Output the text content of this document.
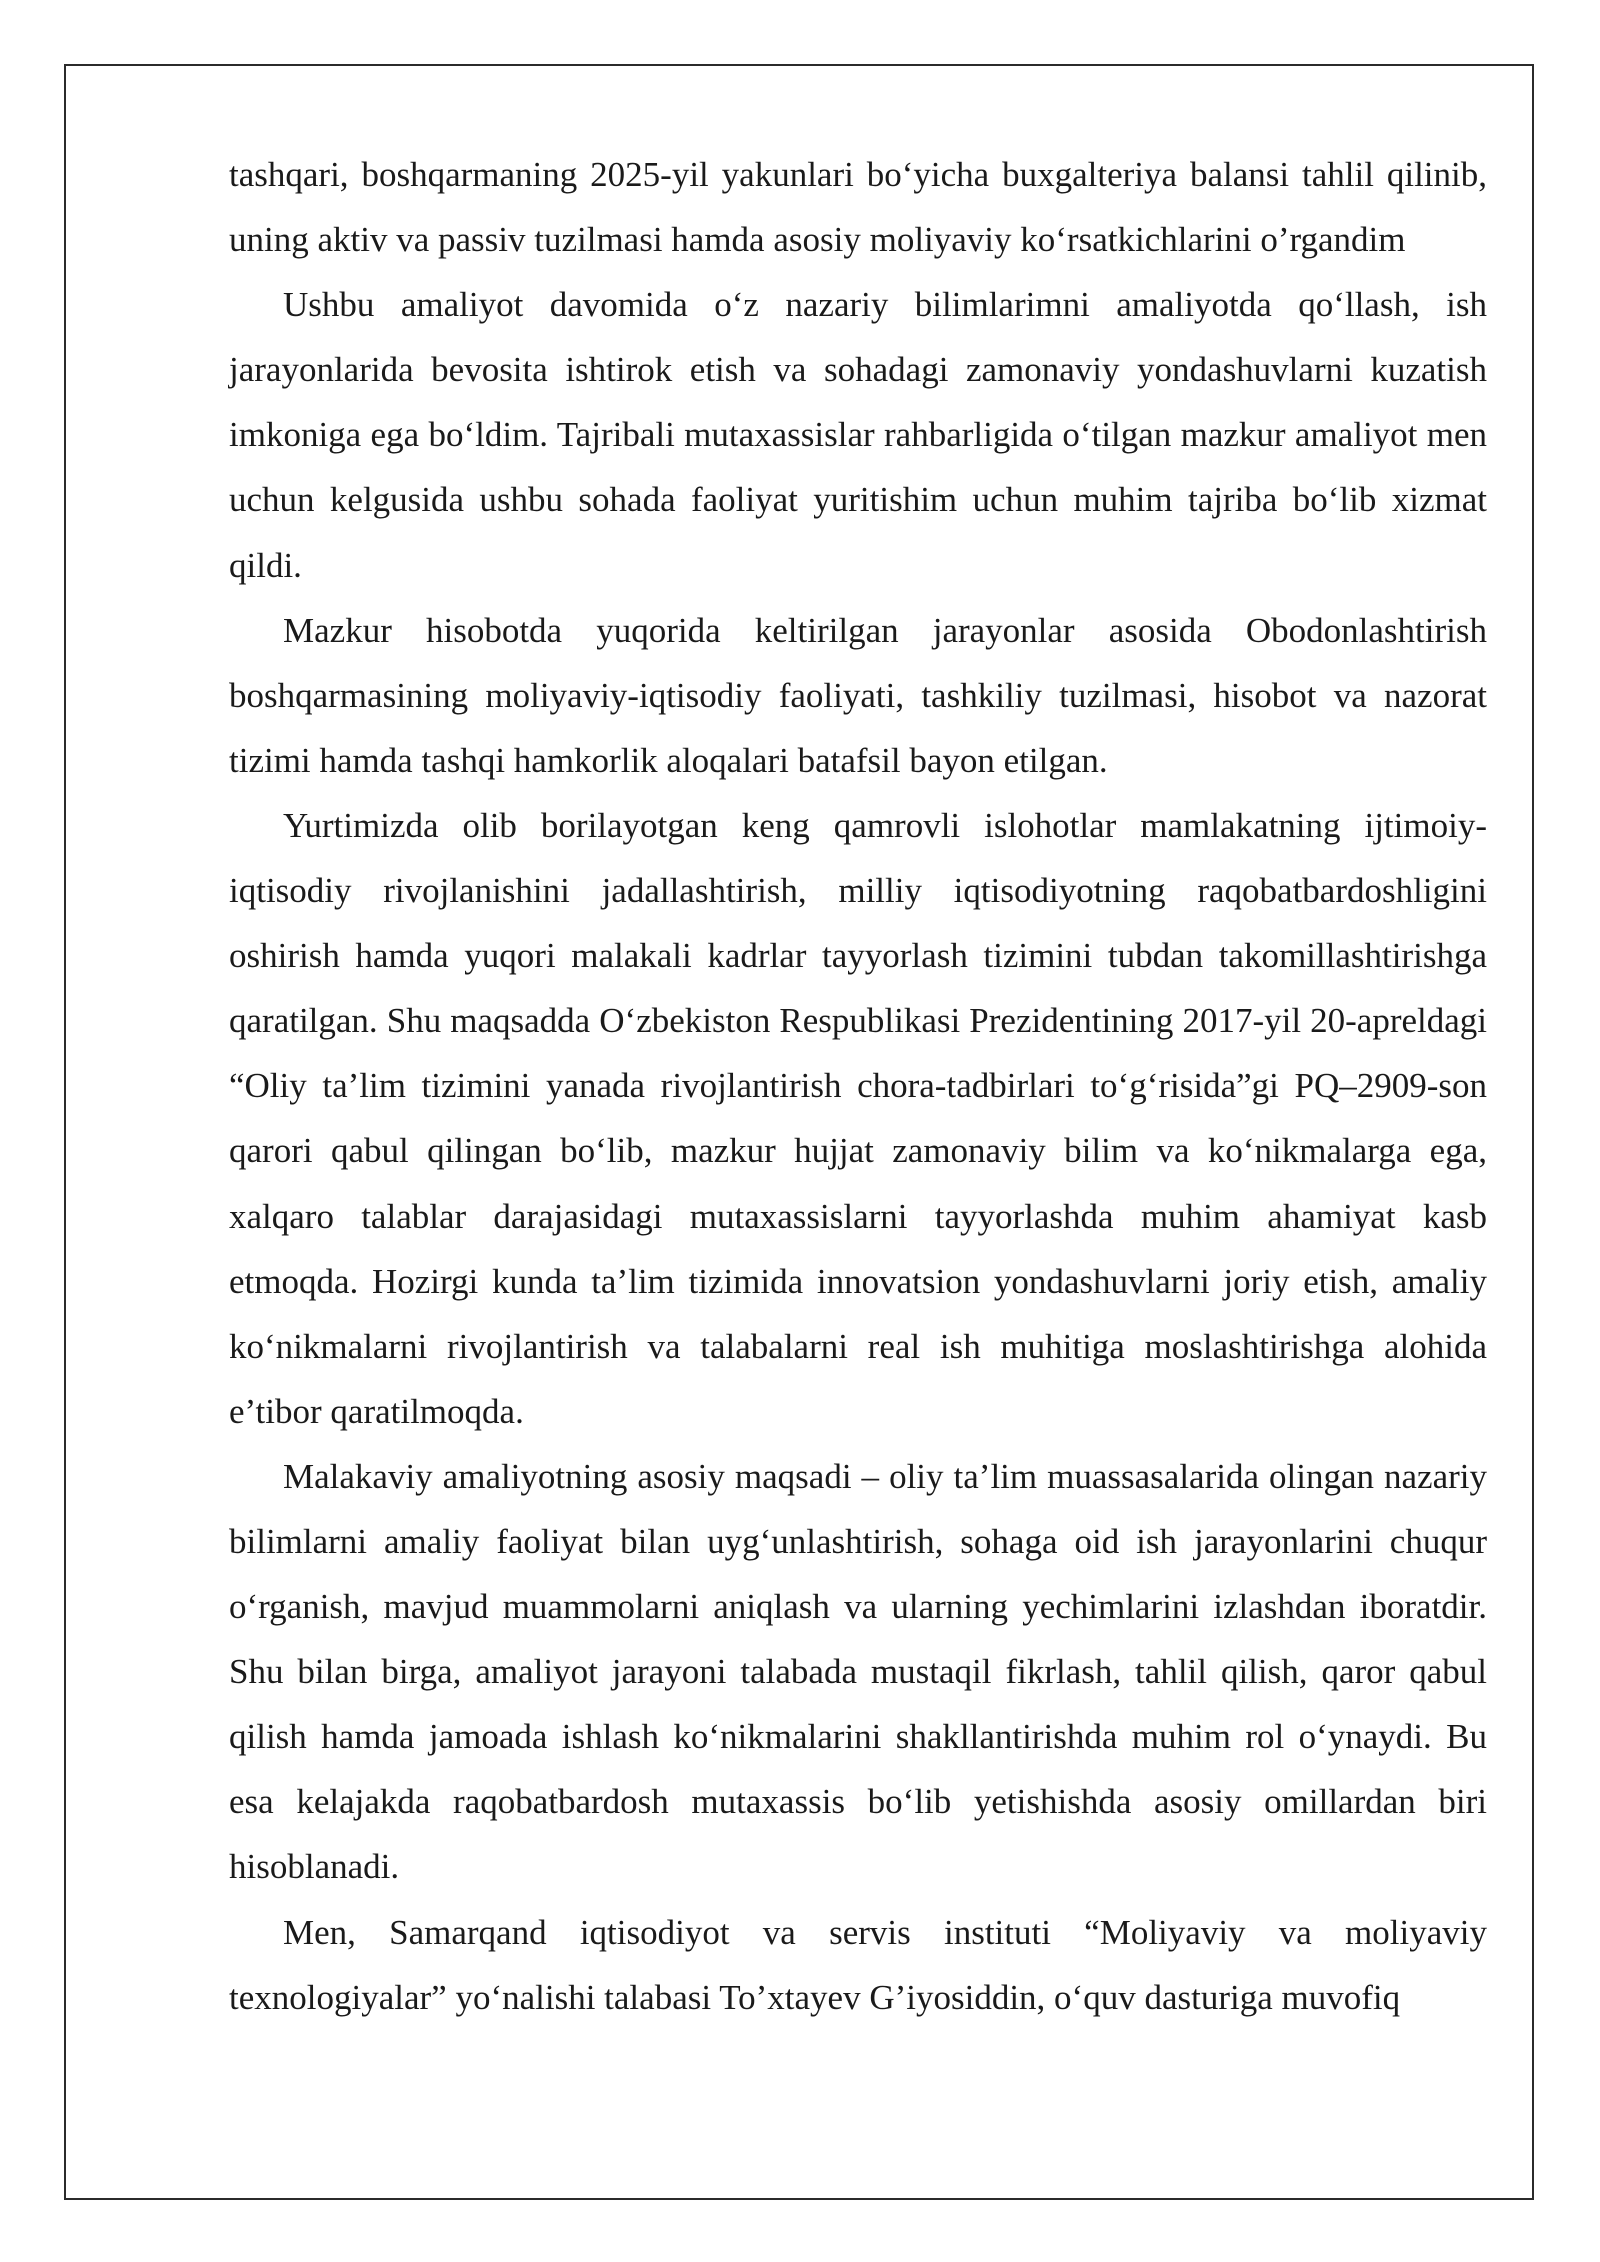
tashqari, boshqarmaning 2025-yil yakunlari bo‘yicha buxgalteriya balansi tahlil qilinib, uning aktiv va passiv tuzilmasi hamda asosiy moliyaviy ko‘rsatkichlarini o’rgandim

Ushbu amaliyot davomida o‘z nazariy bilimlarimni amaliyotda qo‘llash, ish jarayonlarida bevosita ishtirok etish va sohadagi zamonaviy yondashuvlarni kuzatish imkoniga ega bo‘ldim. Tajribali mutaxassislar rahbarligida o‘tilgan mazkur amaliyot men uchun kelgusida ushbu sohada faoliyat yuritishim uchun muhim tajriba bo‘lib xizmat qildi.

Mazkur hisobotda yuqorida keltirilgan jarayonlar asosida Obodonlashtirish boshqarmasining moliyaviy-iqtisodiy faoliyati, tashkiliy tuzilmasi, hisobot va nazorat tizimi hamda tashqi hamkorlik aloqalari batafsil bayon etilgan.

Yurtimizda olib borilayotgan keng qamrovli islohotlar mamlakatning ijtimoiy-iqtisodiy rivojlanishini jadallashtirish, milliy iqtisodiyotning raqobatbardoshligini oshirish hamda yuqori malakali kadrlar tayyorlash tizimini tubdan takomillashtirishga qaratilgan. Shu maqsadda O‘zbekiston Respublikasi Prezidentining 2017-yil 20-apreldagi “Oliy ta’lim tizimini yanada rivojlantirish chora-tadbirlari to‘g‘risida”gi PQ–2909-son qarori qabul qilingan bo‘lib, mazkur hujjat zamonaviy bilim va ko‘nikmalarga ega, xalqaro talablar darajasidagi mutaxassislarni tayyorlashda muhim ahamiyat kasb etmoqda. Hozirgi kunda ta’lim tizimida innovatsion yondashuvlarni joriy etish, amaliy ko‘nikmalarni rivojlantirish va talabalarni real ish muhitiga moslashtirishga alohida e’tibor qaratilmoqda.

Malakaviy amaliyotning asosiy maqsadi – oliy ta’lim muassasalarida olingan nazariy bilimlarni amaliy faoliyat bilan uyg‘unlashtirish, sohaga oid ish jarayonlarini chuqur o‘rganish, mavjud muammolarni aniqlash va ularning yechimlarini izlashdan iboratdir. Shu bilan birga, amaliyot jarayoni talabada mustaqil fikrlash, tahlil qilish, qaror qabul qilish hamda jamoada ishlash ko‘nikmalarini shakllantirishda muhim rol o‘ynaydi. Bu esa kelajakda raqobatbardosh mutaxassis bo‘lib yetishishda asosiy omillardan biri hisoblanadi.

Men, Samarqand iqtisodiyot va servis instituti “Moliyaviy va moliyaviy texnologiyalar” yo‘nalishi talabasi To’xtayev G’iyosiddin, o‘quv dasturiga muvofiq
